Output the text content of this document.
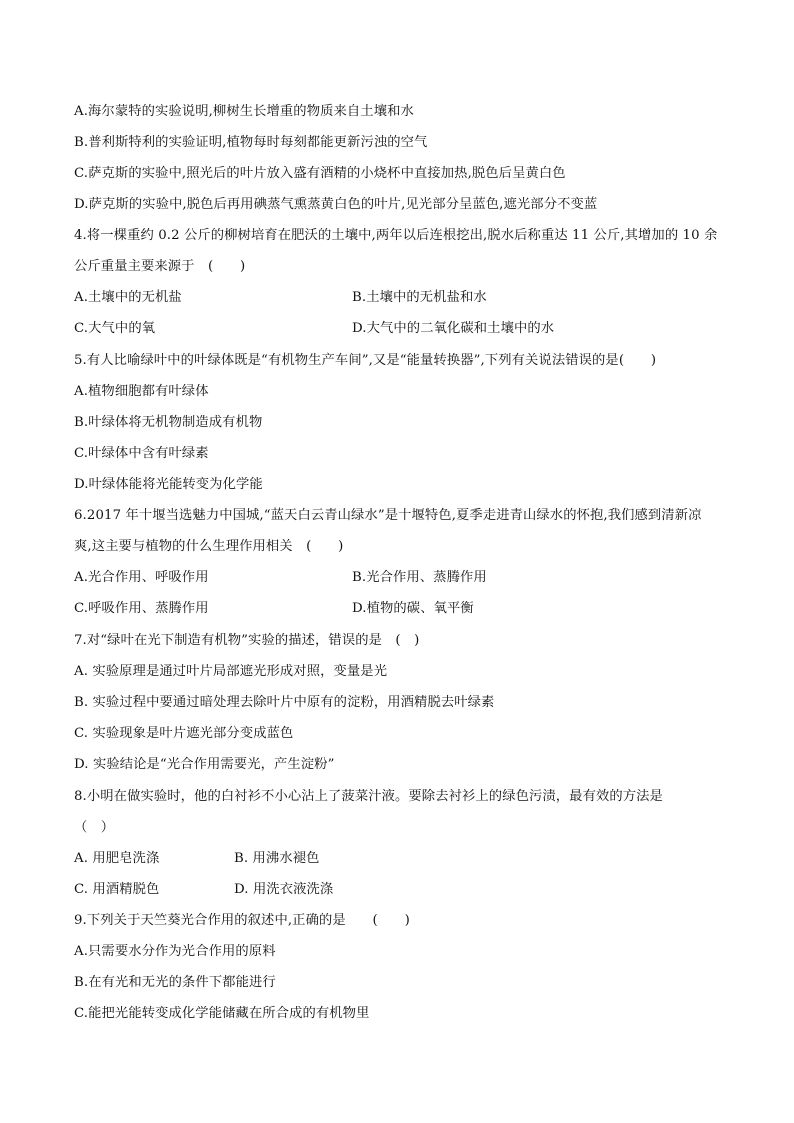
A.海尔蒙特的实验说明,柳树生长增重的物质来自土壤和水
B.普利斯特利的实验证明,植物每时每刻都能更新污浊的空气
C.萨克斯的实验中,照光后的叶片放入盛有酒精的小烧杯中直接加热,脱色后呈黄白色
D.萨克斯的实验中,脱色后再用碘蒸气熏蒸黄白色的叶片,见光部分呈蓝色,遮光部分不变蓝
4.将一棵重约 0.2 公斤的柳树培育在肥沃的土壤中,两年以后连根挖出,脱水后称重达 11 公斤,其增加的 10 余
公斤重量主要来源于　(　　)
A.土壤中的无机盐	B.土壤中的无机盐和水
C.大气中的氧	D.大气中的二氧化碳和土壤中的水
5.有人比喻绿叶中的叶绿体既是“有机物生产车间”,又是“能量转换器”,下列有关说法错误的是(　　)
A.植物细胞都有叶绿体
B.叶绿体将无机物制造成有机物
C.叶绿体中含有叶绿素
D.叶绿体能将光能转变为化学能
6.2017 年十堰当选魅力中国城,“蓝天白云青山绿水”是十堰特色,夏季走进青山绿水的怀抱,我们感到清新凉
爽,这主要与植物的什么生理作用相关　(　　)
A.光合作用、呼吸作用	B.光合作用、蒸腾作用
C.呼吸作用、蒸腾作用	D.植物的碳、氧平衡
7.对“绿叶在光下制造有机物”实验的描述，错误的是　(　)
A. 实验原理是通过叶片局部遮光形成对照，变量是光
B. 实验过程中要通过暗处理去除叶片中原有的淀粉，用酒精脱去叶绿素
C. 实验现象是叶片遮光部分变成蓝色
D. 实验结论是“光合作用需要光，产生淀粉”
8.小明在做实验时，他的白衬衫不小心沾上了菠菜汁液。要除去衬衫上的绿色污渍，最有效的方法是
（　）
A. 用肥皂洗涤	B. 用沸水褪色
C. 用酒精脱色	D. 用洗衣液洗涤
9.下列关于天竺葵光合作用的叙述中,正确的是　　(　　)
A.只需要水分作为光合作用的原料
B.在有光和无光的条件下都能进行
C.能把光能转变成化学能储藏在所合成的有机物里
